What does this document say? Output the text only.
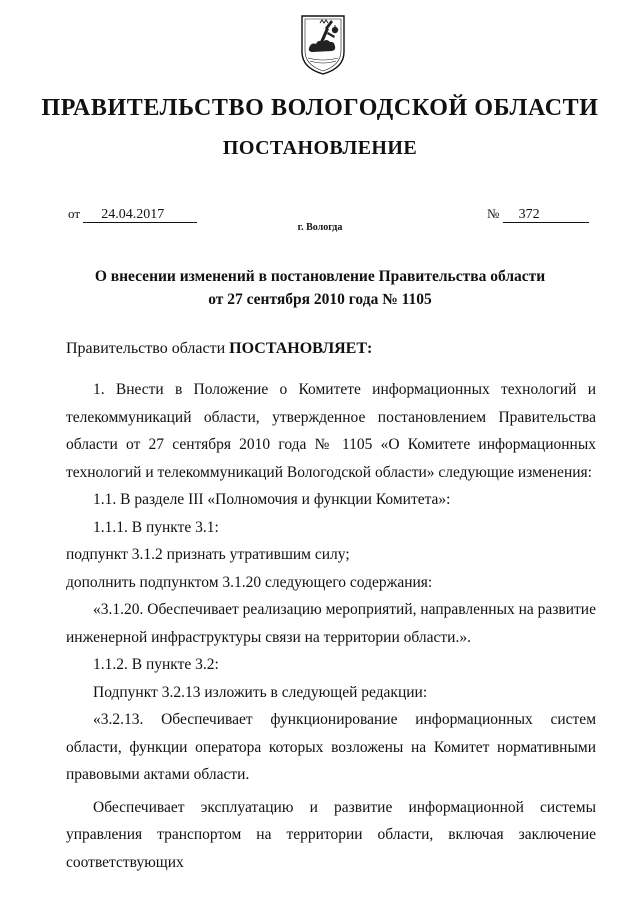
ПРАВИТЕЛЬСТВО ВОЛОГОДСКОЙ ОБЛАСТИ
ПОСТАНОВЛЕНИЕ
от 24.04.2017	№ 372
г. Вологда
О внесении изменений в постановление Правительства области
от 27 сентября 2010 года № 1105
Правительство области ПОСТАНОВЛЯЕТ:

1. Внести в Положение о Комитете информационных технологий и телекоммуникаций области, утвержденное постановлением Правительства области от 27 сентября 2010 года № 1105 «О Комитете информационных технологий и телекоммуникаций Вологодской области» следующие изменения:

1.1. В разделе III «Полномочия и функции Комитета»:

1.1.1. В пункте 3.1:

подпункт 3.1.2 признать утратившим силу;

дополнить подпунктом 3.1.20 следующего содержания:

«3.1.20. Обеспечивает реализацию мероприятий, направленных на развитие инженерной инфраструктуры связи на территории области.».

1.1.2. В пункте 3.2:

Подпункт 3.2.13 изложить в следующей редакции:

«3.2.13. Обеспечивает функционирование информационных систем области, функции оператора которых возложены на Комитет нормативными правовыми актами области.

Обеспечивает эксплуатацию и развитие информационной системы управления транспортом на территории области, включая заключение соответствующих
